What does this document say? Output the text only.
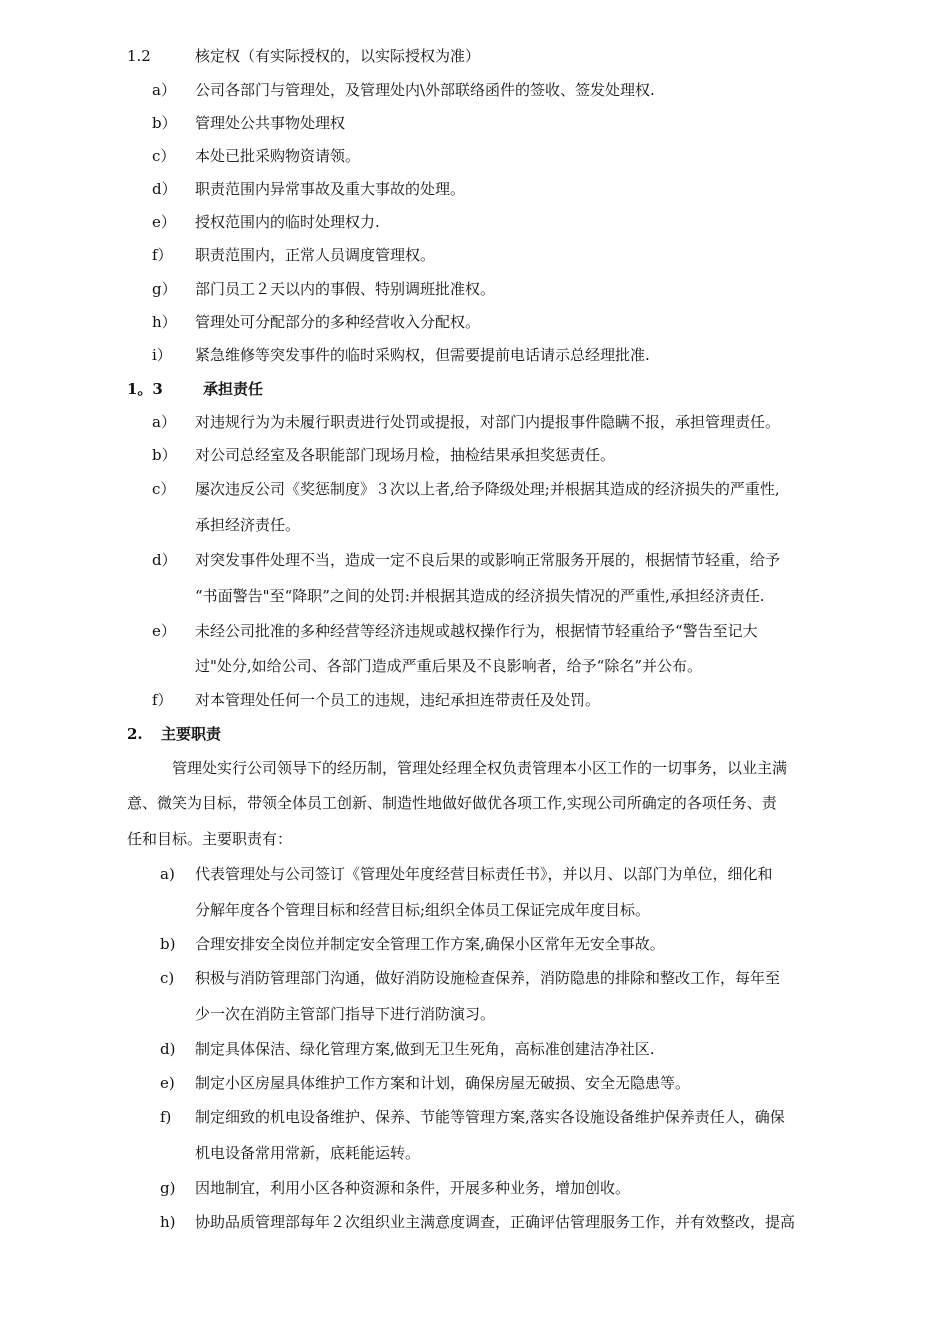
1.2	核定权（有实际授权的，以实际授权为准）
a） 公司各部门与管理处，及管理处内\外部联络函件的签收、签发处理权.
b） 管理处公共事物处理权
c） 本处已批采购物资请领。
d） 职责范围内异常事故及重大事故的处理。
e） 授权范围内的临时处理权力.
f） 职责范围内，正常人员调度管理权。
g） 部门员工２天以内的事假、特别调班批准权。
h） 管理处可分配部分的多种经营收入分配权。
i） 紧急维修等突发事件的临时采购权，但需要提前电话请示总经理批准.
1。3	承担责任
a） 对违规行为为未履行职责进行处罚或提报，对部门内提报事件隐瞒不报，承担管理责任。
b） 对公司总经室及各职能部门现场月检，抽检结果承担奖惩责任。
c） 屡次违反公司《奖惩制度》３次以上者,给予降级处理;并根据其造成的经济损失的严重性,
承担经济责任。
d） 对突发事件处理不当，造成一定不良后果的或影响正常服务开展的，根据情节轻重，给予
“书面警告"至“降职”之间的处罚:并根据其造成的经济损失情况的严重性,承担经济责任.
e） 未经公司批准的多种经营等经济违规或越权操作行为，根据情节轻重给予“警告至记大
过"处分,如给公司、各部门造成严重后果及不良影响者，给予“除名”并公布。
f） 对本管理处任何一个员工的违规，违纪承担连带责任及处罚。
2. 主要职责
管理处实行公司领导下的经历制，管理处经理全权负责管理本小区工作的一切事务，以业主满
意、微笑为目标，带领全体员工创新、制造性地做好做优各项工作,实现公司所确定的各项任务、责
任和目标。主要职责有：
a) 代表管理处与公司签订《管理处年度经营目标责任书》，并以月、以部门为单位，细化和
分解年度各个管理目标和经营目标;组织全体员工保证完成年度目标。
b) 合理安排安全岗位并制定安全管理工作方案,确保小区常年无安全事故。
c) 积极与消防管理部门沟通，做好消防设施检查保养，消防隐患的排除和整改工作，每年至
少一次在消防主管部门指导下进行消防演习。
d) 制定具体保洁、绿化管理方案,做到无卫生死角，高标准创建洁净社区.
e) 制定小区房屋具体维护工作方案和计划，确保房屋无破损、安全无隐患等。
f) 制定细致的机电设备维护、保养、节能等管理方案,落实各设施设备维护保养责任人，确保
机电设备常用常新，底耗能运转。
g) 因地制宜，利用小区各种资源和条件，开展多种业务，增加创收。
h) 协助品质管理部每年２次组织业主满意度调查，正确评估管理服务工作，并有效整改，提高
